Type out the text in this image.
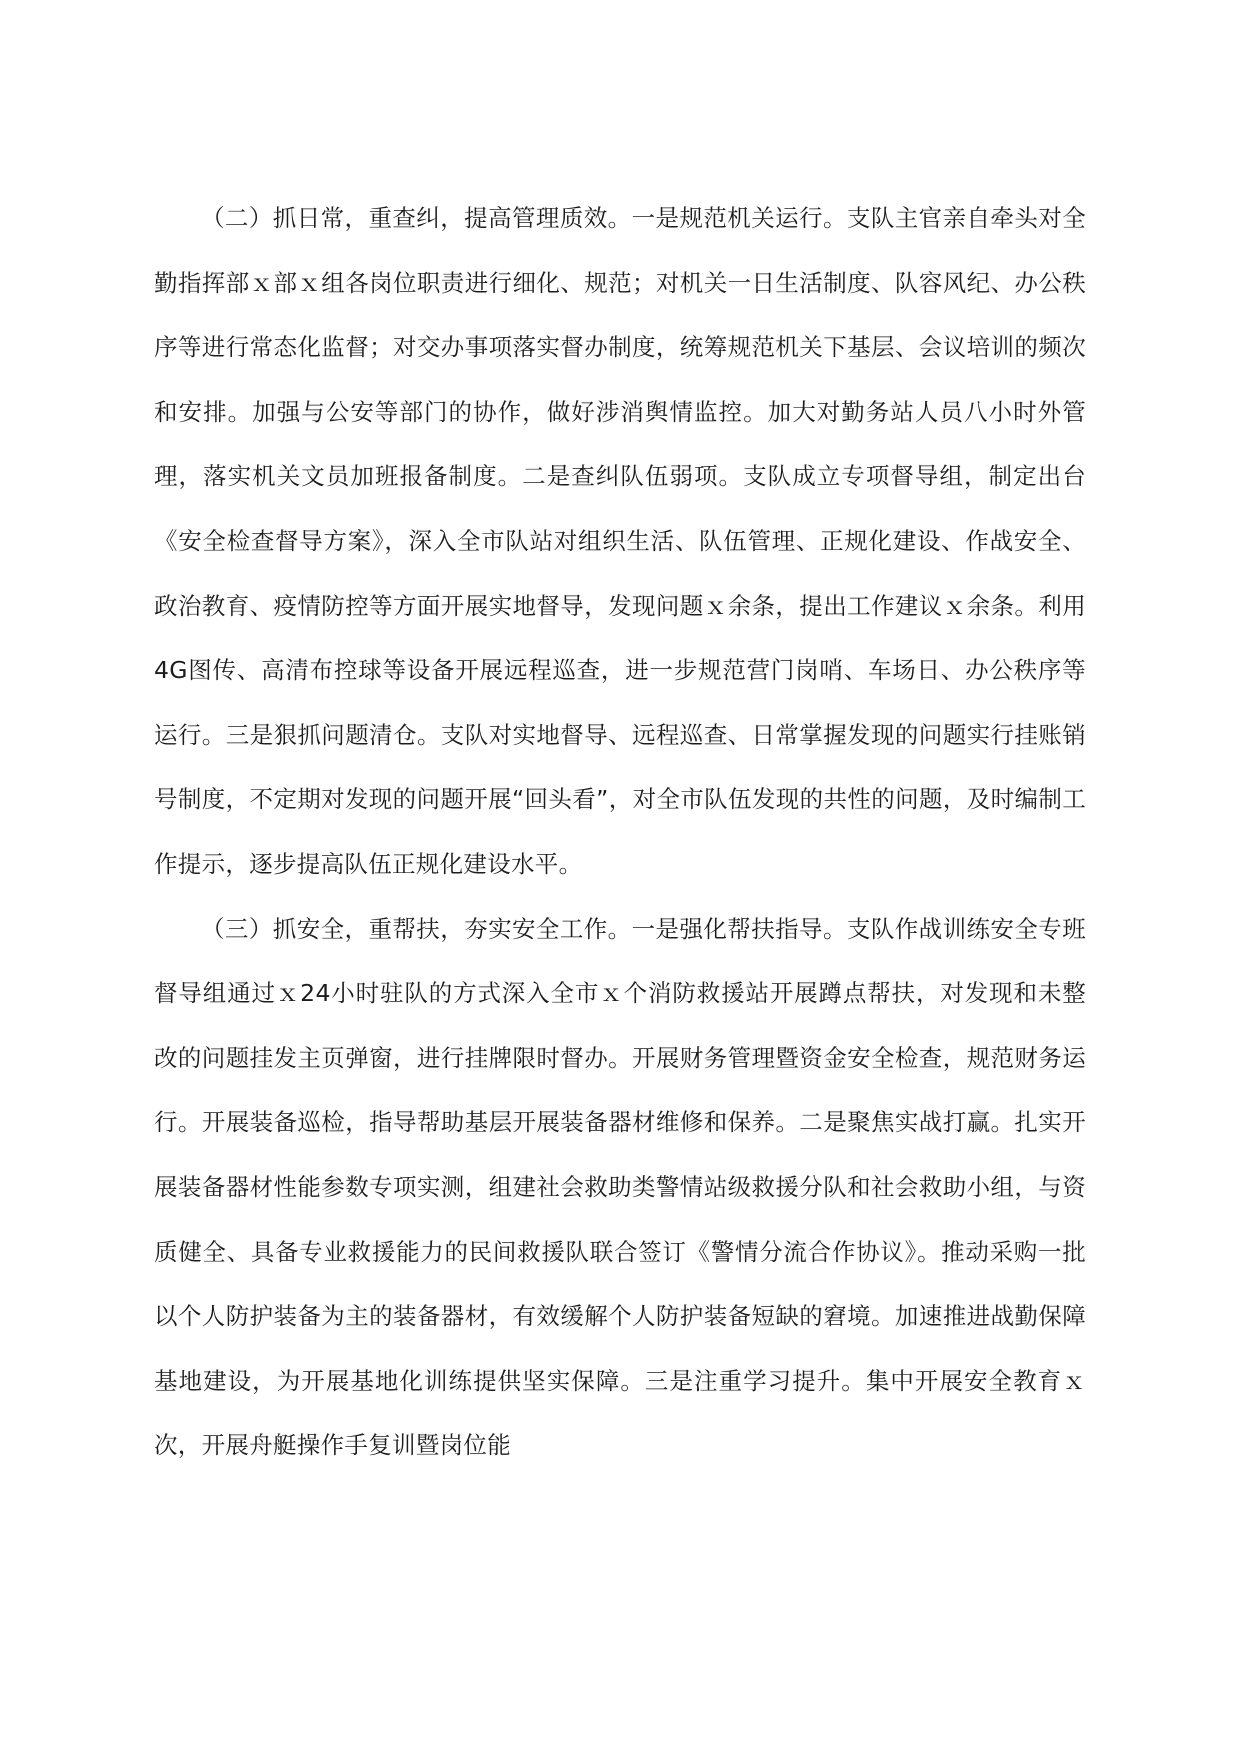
（二）抓日常，重查纠，提高管理质效。一是规范机关运行。支队主官亲自牵头对全勤指挥部ｘ部ｘ组各岗位职责进行细化、规范；对机关一日生活制度、队容风纪、办公秩序等进行常态化监督；对交办事项落实督办制度，统筹规范机关下基层、会议培训的频次和安排。加强与公安等部门的协作，做好涉消舆情监控。加大对勤务站人员八小时外管理，落实机关文员加班报备制度。二是查纠队伍弱项。支队成立专项督导组，制定出台《安全检查督导方案》，深入全市队站对组织生活、队伍管理、正规化建设、作战安全、政治教育、疫情防控等方面开展实地督导，发现问题ｘ余条，提出工作建议ｘ余条。利用4G图传、高清布控球等设备开展远程巡查，进一步规范营门岗哨、车场日、办公秩序等运行。三是狠抓问题清仓。支队对实地督导、远程巡查、日常掌握发现的问题实行挂账销号制度，不定期对发现的问题开展“回头看”，对全市队伍发现的共性的问题，及时编制工作提示，逐步提高队伍正规化建设水平。

（三）抓安全，重帮扶，夯实安全工作。一是强化帮扶指导。支队作战训练安全专班督导组通过ｘ24小时驻队的方式深入全市ｘ个消防救援站开展蹲点帮扶，对发现和未整改的问题挂发主页弹窗，进行挂牌限时督办。开展财务管理暨资金安全检查，规范财务运行。开展装备巡检，指导帮助基层开展装备器材维修和保养。二是聚焦实战打赢。扎实开展装备器材性能参数专项实测，组建社会救助类警情站级救援分队和社会救助小组，与资质健全、具备专业救援能力的民间救援队联合签订《警情分流合作协议》。推动采购一批以个人防护装备为主的装备器材，有效缓解个人防护装备短缺的窘境。加速推进战勤保障基地建设，为开展基地化训练提供坚实保障。三是注重学习提升。集中开展安全教育ｘ次，开展舟艇操作手复训暨岗位能
